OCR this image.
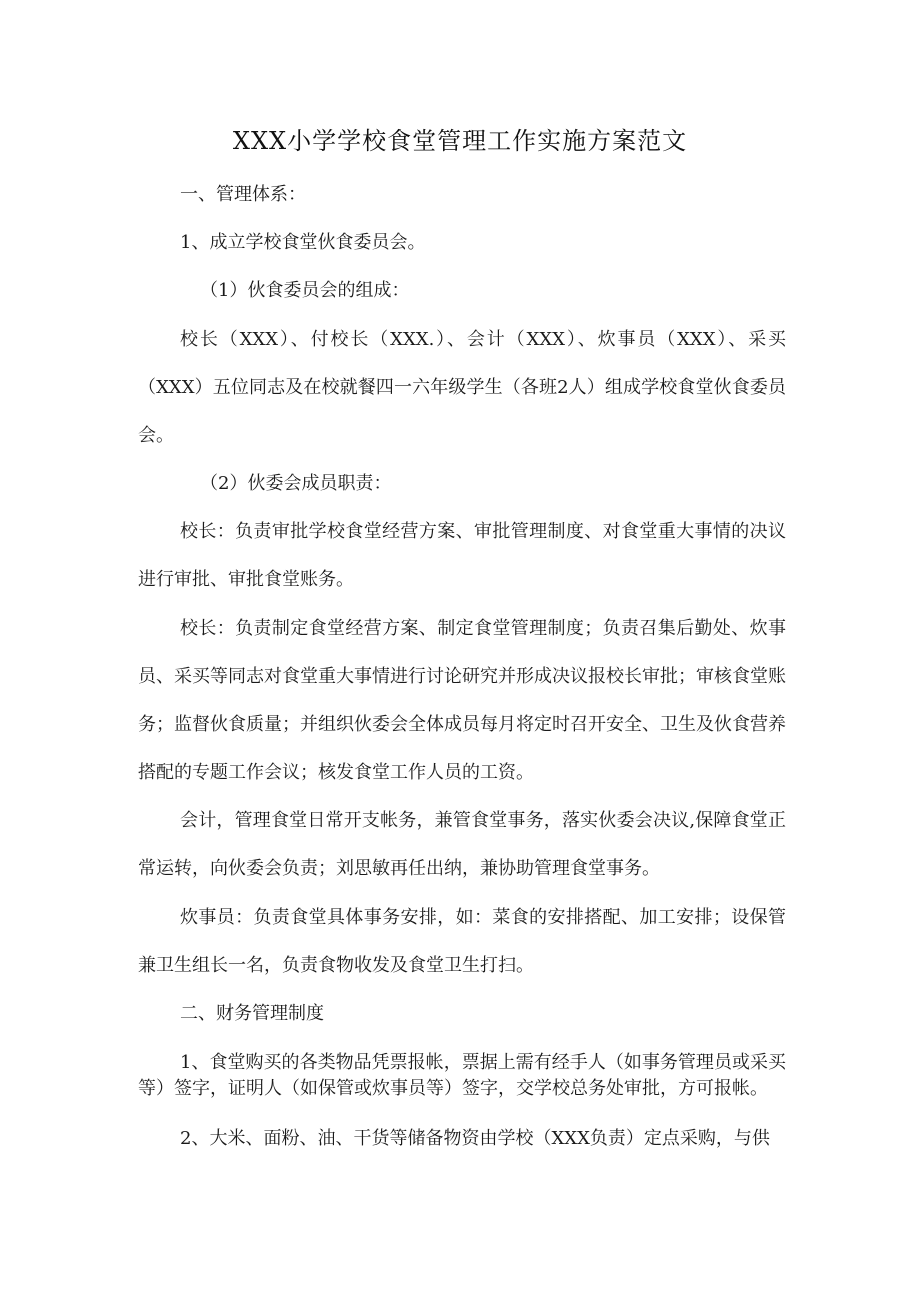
XXX小学学校食堂管理工作实施方案范文

一、管理体系：

1、成立学校食堂伙食委员会。

（1）伙食委员会的组成：

校长（XXX）、付校长（XXX.）、会计（XXX）、炊事员（XXX）、采买（XXX）五位同志及在校就餐四一六年级学生（各班2人）组成学校食堂伙食委员会。

（2）伙委会成员职责：

校长：负责审批学校食堂经营方案、审批管理制度、对食堂重大事情的决议进行审批、审批食堂账务。

校长：负责制定食堂经营方案、制定食堂管理制度；负责召集后勤处、炊事员、采买等同志对食堂重大事情进行讨论研究并形成决议报校长审批；审核食堂账务；监督伙食质量；并组织伙委会全体成员每月将定时召开安全、卫生及伙食营养搭配的专题工作会议；核发食堂工作人员的工资。

会计，管理食堂日常开支帐务，兼管食堂事务，落实伙委会决议,保障食堂正常运转，向伙委会负责；刘思敏再任出纳，兼协助管理食堂事务。

炊事员：负责食堂具体事务安排，如：菜食的安排搭配、加工安排；设保管兼卫生组长一名，负责食物收发及食堂卫生打扫。

二、财务管理制度

1、食堂购买的各类物品凭票报帐，票据上需有经手人（如事务管理员或采买等）签字，证明人（如保管或炊事员等）签字，交学校总务处审批，方可报帐。

2、大米、面粉、油、干货等储备物资由学校（XXX负责）定点采购，与供
